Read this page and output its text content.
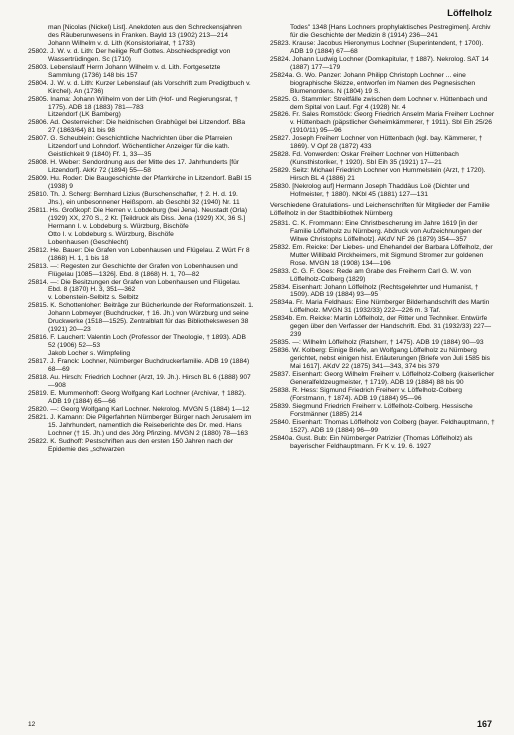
Löffelholz

man [Nicolas (Nickel) List]. Anekdoten aus den Schreckensjahren des Räuberunwesens in Franken. Bayld 13 (1902) 213—214

Johann Wilhelm v. d. Lith (Konsistorialrat, † 1733)

25802. J. W. v. d. Lith: Der heilige Ruff Gottes. Abschiedspredigt von Wassertrüdingen. Sc (1710)

25803. Lebenslauff Herrn Johann Wilhelm v. d. Lith. Fortgesetzte Sammlung (1736) 148 bis 157

25804. J. W. v. d. Lith: Kurzer Lebenslauf (als Vorschrift zum Predigtbuch v. Kirchel). An (1736)

25805. Inama: Johann Wilhelm von der Lith (Hof- und Regierungsrat, † 1775). ADB 18 (1883) 781—783

Litzendorf (LK Bamberg)

25806. Ad. Oesterreicher: Die heidnischen Grabhügel bei Litzendorf. BBa 27 (1863/64) 81 bis 98

25807. G. Scheublein: Geschichtliche Nachrichten über die Pfarreien Litzendorf und Lohndorf. Wöchentlicher Anzeiger für die kath. Geistlichkeit 9 (1840) Ff. 1, 33—35

25808. H. Weber: Sendordnung aus der Mitte des 17. Jahrhunderts [für Litzendorf]. AkKr 72 (1894) 55—58

25809. Hu. Roder: Die Baugeschichte der Pfarrkirche in Litzendorf. BaBl 15 (1938) 9

25810. Th. J. Scherg: Bernhard Lizius (Burschenschafter, † 2. H. d. 19. Jhs.), ein unbesonnener Heißsporn. ab Geschbl 32 (1940) Nr. 11

25811. Hs. Großkopf: Die Herren v. Lobdeburg (bei Jena). Neustadt (Orla) (1929) XX, 270 S., 2 Kt. [Teildruck als Diss. Jena (1929) XX, 36 S.]

Hermann I. v. Lobdeburg s. Würzburg, Bischöfe

Otto I. v. Lobdeburg s. Würzburg, Bischöfe

Lobenhausen (Geschlecht)

25812. He. Bauer: Die Grafen von Lobenhausen und Flügelau. Z Würt Fr 8 (1868) H. 1, 1 bis 18

25813. —: Regesten zur Geschichte der Grafen von Lobenhausen und Flügelau [1085—1326]. Ebd. 8 (1868) H. 1, 70—82

25814. —: Die Besitzungen der Grafen von Lobenhausen und Flügelau. Ebd. 8 (1870) H. 3, 351—362

v. Lobenstein-Selbitz s. Selbitz

25815. K. Schottenloher: Beiträge zur Bücherkunde der Reformationszeit. 1. Johann Lobmeyer (Buchdrucker, † 16. Jh.) von Würzburg und seine Druckwerke (1518—1525). Zentralblatt für das Bibliothekswesen 38 (1921) 20—23

25816. F. Lauchert: Valentin Loch (Professor der Theologie, † 1893). ADB 52 (1906) 52—53

Jakob Locher s. Wimpfeling

25817. J. Franck: Lochner, Nürnberger Buchdruckerfamilie. ADB 19 (1884) 68—69

25818. Au. Hirsch: Friedrich Lochner (Arzt, 19. Jh.). Hirsch BL 6 (1888) 907—908

25819. E. Mummenhoff: Georg Wolfgang Karl Lochner (Archivar, † 1882). ADB 19 (1884) 65—66

25820. —: Georg Wolfgang Karl Lochner. Nekrolog. MVGN 5 (1884) 1—12

25821. J. Kamann: Die Pilgerfahrten Nürnberger Bürger nach Jerusalem im 15. Jahrhundert, namentlich die Reiseberichte des Dr. med. Hans Lochner († 15. Jh.) und des Jörg Pfinzing. MVGN 2 (1880) 78—163

25822. K. Sudhoff: Pestschriften aus den ersten 150 Jahren nach der Epidemie des „schwarzen

Todes" 1348 [Hans Lochners prophylaktisches Pestregimen]. Archiv für die Geschichte der Medizin 8 (1914) 236—241

25823. Krause: Jacobus Hieronymus Lochner (Superintendent, † 1700). ADB 19 (1884) 67—68

25824. Johann Ludwig Lochner (Domkapitular, † 1887). Nekrolog. SAT 14 (1887) 177—179

25824a. G. Wo. Panzer: Johann Philipp Christoph Lochner ... eine biographische Skizze, entworfen im Namen des Pegnesischen Blumenordens. N (1804) 19 S.

25825. G. Stammler: Streitfälle zwischen dem Lochner v. Hüttenbach und dem Spital von Lauf. Fgr 4 (1928) Nr. 4

25826. Fr. Sales Romstöck: Georg Friedrich Anselm Maria Freiherr Lochner v. Hüttenbach (päpstlicher Geheimkämmerer, † 1911). SbI Eih 25/26 (1910/11) 95—96

25827. Joseph Freiherr Lochner von Hüttenbach (kgl. bay. Kämmerer, † 1869). V Opf 28 (1872) 433

25828. Fd. Vonwerden: Oskar Freiherr Lochner von Hüttenbach (Kunsthistoriker, † 1920). SbI Eih 35 (1921) 17—21

25829. Seitz: Michael Friedrich Lochner von Hummelstein (Arzt, † 1720). Hirsch BL 4 (1886) 21

25830. [Nekrolog auf] Hermann Joseph Thaddäus Loë (Dichter und Hofmeister, † 1880). NKbl 45 (1881) 127—131

Verschiedene Gratulations- und Leichenschriften für Mitglieder der Familie Löffelholz in der Stadtbibliothek Nürnberg

25831. C. K. Frommann: Eine Christbescherung im Jahre 1619 [in der Familie Löffelholz zu Nürnberg. Abdruck von Aufzeichnungen der Witwe Christophs Löffelholz]. AKdV NF 26 (1879) 354—357

25832. Em. Reicke: Der Liebes- und Ehehandel der Barbara Löffelholz, der Mutter Willibald Pirckheimers, mit Sigmund Stromer zur goldenen Rose. MVGN 18 (1908) 134—196

25833. C. G. F. Goes: Rede am Grabe des Freiherrn Carl G. W. von Löffelholz-Colberg (1829)

25834. Eisenhart: Johann Löffelholz (Rechtsgelehrter und Humanist, † 1509). ADB 19 (1884) 93—95

25834a. Fr. Maria Feldhaus: Eine Nürnberger Bilderhandschrift des Martin Löffelholz. MVGN 31 (1932/33) 222—226 m. 3 Taf.

25834b. Em. Reicke: Martin Löffelholz, der Ritter und Techniker. Entwürfe gegen über den Verfasser der Handschrift. Ebd. 31 (1932/33) 227—239

25835. —: Wilhelm Löffelholz (Ratsherr, † 1475). ADB 19 (1884) 90—93

25836. W. Kolberg: Einige Briefe, an Wolfgang Löffelholz zu Nürnberg gerichtet, nebst einigen hist. Erläuterungen [Briefe von Juli 1585 bis Mai 1617]. AKdV 22 (1875) 341—343, 374 bis 379

25837. Eisenhart: Georg Wilhelm Freiherr v. Löffelholz-Colberg (kaiserlicher Generalfeldzeugmeister, † 1719). ADB 19 (1884) 88 bis 90

25838. R. Hess: Sigmund Friedrich Freiherr v. Löffelholz-Colberg (Forstmann, † 1874). ADB 19 (1884) 95—96

25839. Siegmund Friedrich Freiherr v. Löffelholz-Colberg. Hessische Forstmänner (1885) 214

25840. Eisenhart: Thomas Löffelholz von Colberg (bayer. Feldhauptmann, † 1527). ADB 19 (1884) 96—99

25840a. Gust. Bub: Ein Nürnberger Patrizier (Thomas Löffelholz) als bayerischer Feldhauptmann. Fr K v. 19. 6. 1927

12	167
